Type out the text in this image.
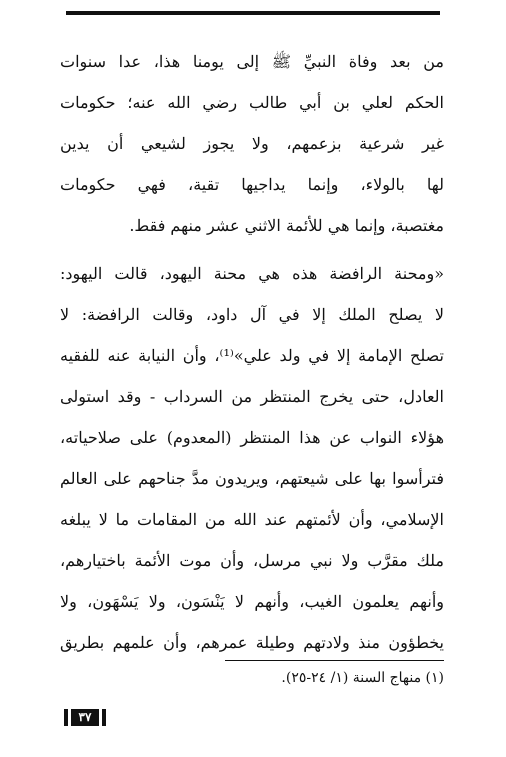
من بعد وفاة النبيِّ ﷺ إلى يومنا هذا، عدا سنوات
الحكم لعلي بن أبي طالب رضي الله عنه؛ حكومات
غير شرعية بزعمهم، ولا يجوز لشيعي أن يدين
لها بالولاء، وإنما يداجيها تقية، فهي حكومات
مغتصبة، وإنما هي للأئمة الاثني عشر منهم فقط.
«ومحنة الرافضة هذه هي محنة اليهود، قالت اليهود:
لا يصلح الملك إلا في آل داود، وقالت الرافضة: لا
تصلح الإمامة إلا في ولد علي»⁽¹⁾، وأن النيابة عنه للفقيه
العادل، حتى يخرج المنتظر من السرداب - وقد استولى
هؤلاء النواب عن هذا المنتظر (المعدوم) على صلاحياته،
فترأسوا بها على شيعتهم، ويريدون مدَّ جناحهم على العالم
الإسلامي، وأن لأئمتهم عند الله من المقامات ما لا يبلغه
ملك مقرَّب ولا نبي مرسل، وأن موت الأئمة باختيارهم،
وأنهم يعلمون الغيب، وأنهم لا يَنْسَون، ولا يَسْهَون، ولا
يخطؤون منذ ولادتهم وطيلة عمرهم، وأن علمهم بطريق
(١) منهاج السنة (١/ ٢٤-٢٥).
٣٧
